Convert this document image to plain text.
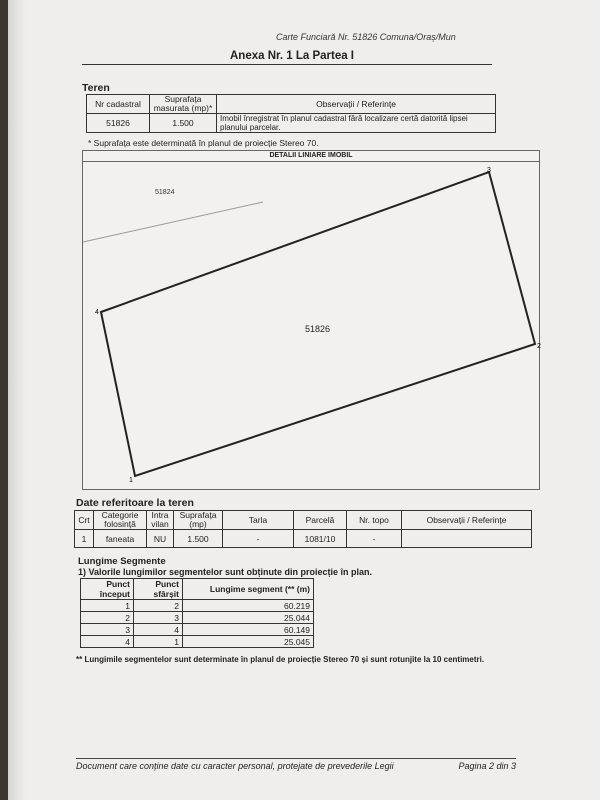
Carte Funciară Nr. 51826 Comuna/Oraș/Mun
Anexa Nr. 1 La Partea I
Teren
Nr cadastral	Suprafața masurata (mp)*	Observații / Referințe
51826	1.500	Imobil înregistrat în planul cadastral fără localizare certă datorită lipsei planului parcelar.
* Suprafața este determinată în planul de proiecție Stereo 70.
DETALII LINIARE IMOBIL
51824
51826
2
3
4
1
Date referitoare la teren
Crt	Categorie folosință	Intra vilan	Suprafața (mp)	Tarla	Parcelă	Nr. topo	Observații / Referințe
1	faneata	NU	1.500	-	1081/10	-	
Lungime Segmente
1) Valorile lungimilor segmentelor sunt obținute din proiecție în plan.
Punct început	Punct sfârșit	Lungime segment (** (m)
1	2	60.219
2	3	25.044
3	4	60.149
4	1	25.045
** Lungimile segmentelor sunt determinate în planul de proiecție Stereo 70 și sunt rotunjite la 10 centimetri.
Document care conține date cu caracter personal, protejate de prevederile Legii	Pagina 2 din 3
